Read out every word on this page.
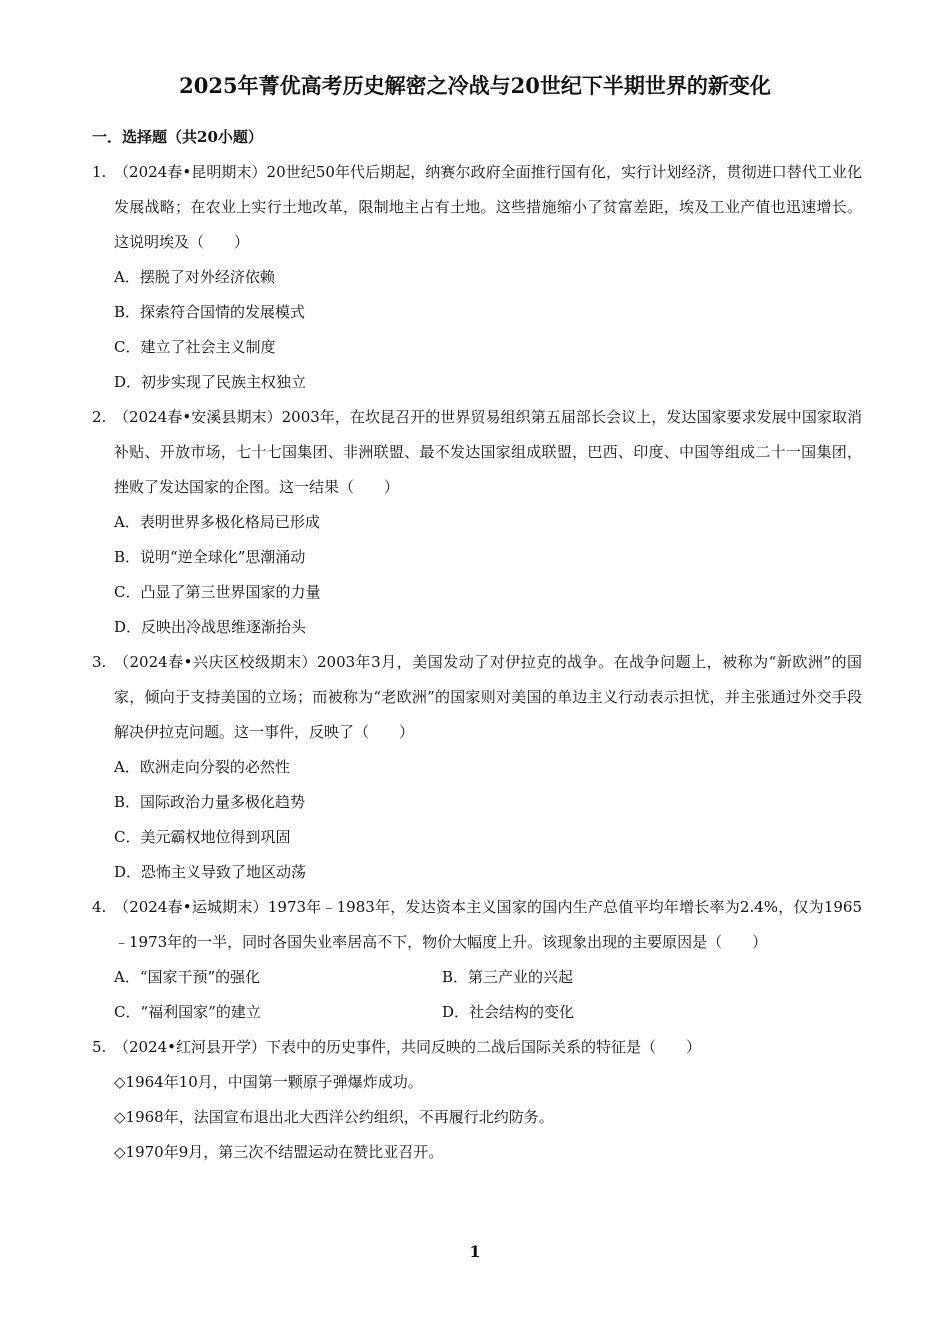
2025年菁优高考历史解密之冷战与20世纪下半期世界的新变化
一．选择题（共20小题）
1. （2024春•昆明期末）20世纪50年代后期起，纳赛尔政府全面推行国有化，实行计划经济，贯彻进口替代工业化发展战略；在农业上实行土地改革，限制地主占有土地。这些措施缩小了贫富差距，埃及工业产值也迅速增长。这说明埃及（　　）
A．摆脱了对外经济依赖
B．探索符合国情的发展模式
C．建立了社会主义制度
D．初步实现了民族主权独立
2. （2024春•安溪县期末）2003年，在坎昆召开的世界贸易组织第五届部长会议上，发达国家要求发展中国家取消补贴、开放市场，七十七国集团、非洲联盟、最不发达国家组成联盟，巴西、印度、中国等组成二十一国集团，挫败了发达国家的企图。这一结果（　　）
A．表明世界多极化格局已形成
B．说明“逆全球化”思潮涌动
C．凸显了第三世界国家的力量
D．反映出冷战思维逐渐抬头
3. （2024春•兴庆区校级期末）2003年3月，美国发动了对伊拉克的战争。在战争问题上，被称为“新欧洲”的国家，倾向于支持美国的立场；而被称为“老欧洲”的国家则对美国的单边主义行动表示担忧，并主张通过外交手段解决伊拉克问题。这一事件，反映了（　　）
A．欧洲走向分裂的必然性
B．国际政治力量多极化趋势
C．美元霸权地位得到巩固
D．恐怖主义导致了地区动荡
4. （2024春•运城期末）1973年﹣1983年，发达资本主义国家的国内生产总值平均年增长率为2.4%，仅为1965﹣1973年的一半，同时各国失业率居高不下，物价大幅度上升。该现象出现的主要原因是（　　）
A．“国家干预”的强化	B．第三产业的兴起
C．“福利国家”的建立	D．社会结构的变化
5. （2024•红河县开学）下表中的历史事件，共同反映的二战后国际关系的特征是（　　）
◇1964年10月，中国第一颗原子弹爆炸成功。
◇1968年，法国宣布退出北大西洋公约组织，不再履行北约防务。
◇1970年9月，第三次不结盟运动在赞比亚召开。
1
